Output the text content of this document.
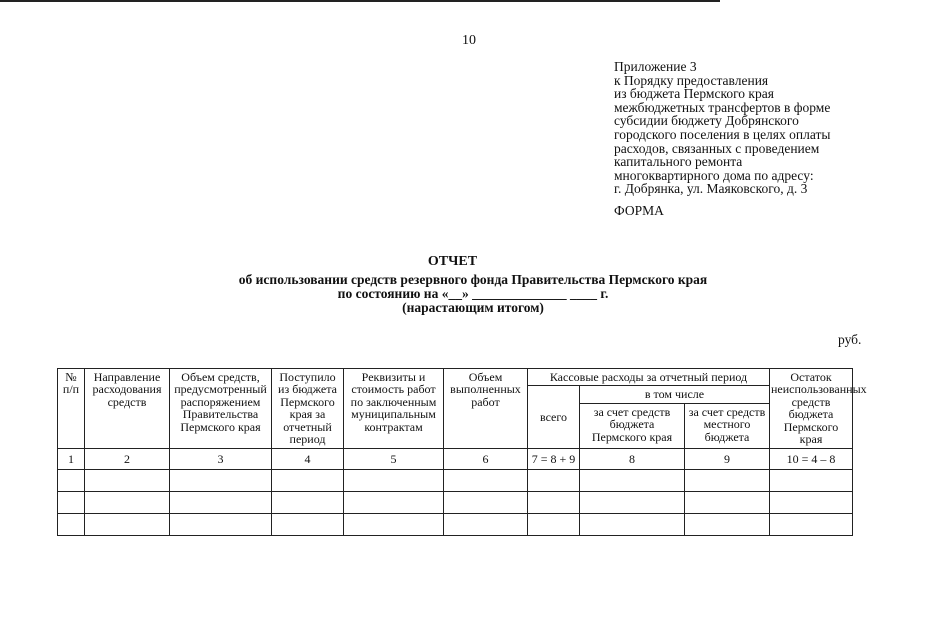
10
Приложение 3
к Порядку предоставления
из бюджета Пермского края
межбюджетных трансфертов в форме
субсидии бюджету Добрянского
городского поселения в целях оплаты
расходов, связанных с проведением
капитального ремонта
многоквартирного дома по адресу:
г. Добрянка, ул. Маяковского, д. 3
ФОРМА
ОТЧЕТ
об использовании средств резервного фонда Правительства Пермского края
по состоянию на «__» ______________ ____ г.
(нарастающим итогом)
руб.
№ п/п	Направление расходования средств	Объем средств, предусмотренный распоряжением Правительства Пермского края	Поступило из бюджета Пермского края за отчетный период	Реквизиты и стоимость работ по заключенным муниципальным контрактам	Объем выполненных работ	Кассовые расходы за отчетный период			Остаток неиспользованных средств бюджета Пермского края
						всего	в том числе		
							за счет средств бюджета Пермского края	за счет средств местного бюджета	
1	2	3	4	5	6	7 = 8 + 9	8	9	10 = 4 – 8
